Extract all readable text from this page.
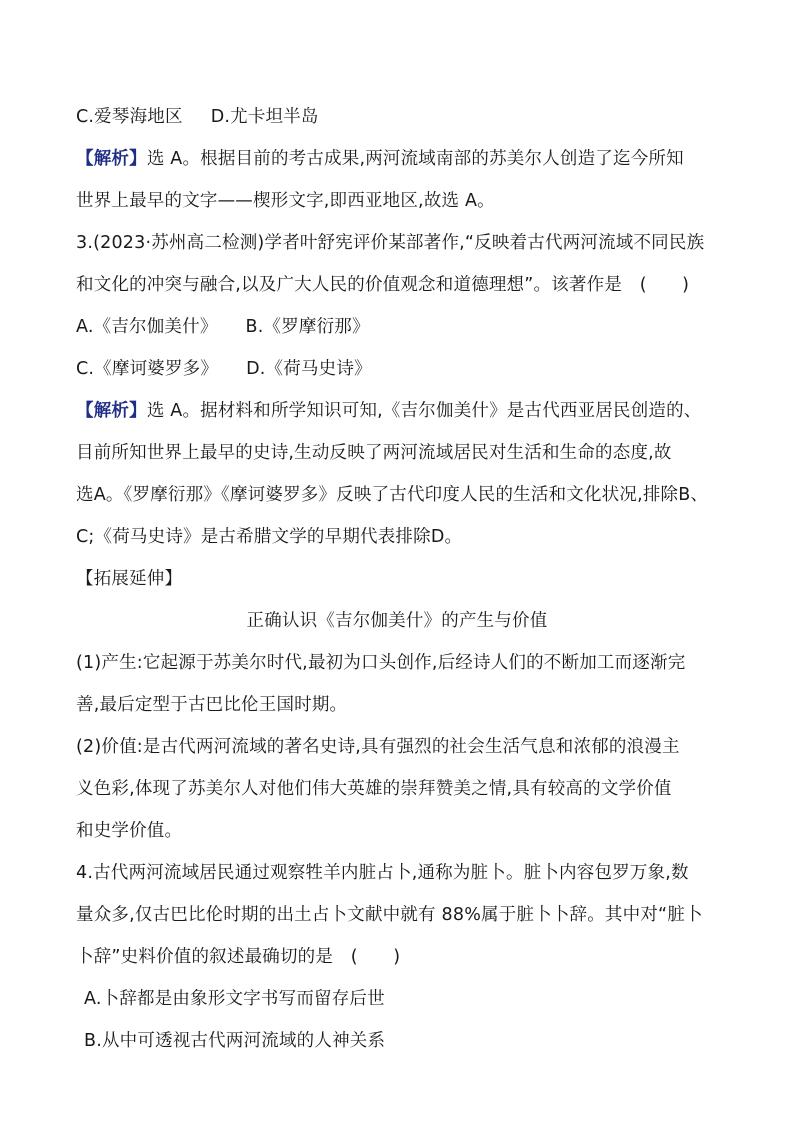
C.爱琴海地区 D.尤卡坦半岛
【解析】选 A。根据目前的考古成果,两河流域南部的苏美尔人创造了迄今所知
世界上最早的文字——楔形文字,即西亚地区,故选 A。
3.(2023·苏州高二检测)学者叶舒宪评价某部著作,“反映着古代两河流域不同民族
和文化的冲突与融合,以及广大人民的价值观念和道德理想”。该著作是　(　　)
A.《吉尔伽美什》 B.《罗摩衍那》
C.《摩诃婆罗多》 D.《荷马史诗》
【解析】选 A。据材料和所学知识可知,《吉尔伽美什》是古代西亚居民创造的、
目前所知世界上最早的史诗,生动反映了两河流域居民对生活和生命的态度,故
选A。《罗摩衍那》《摩诃婆罗多》反映了古代印度人民的生活和文化状况,排除B、
C;《荷马史诗》是古希腊文学的早期代表排除D。
【拓展延伸】
正确认识《吉尔伽美什》的产生与价值
(1)产生:它起源于苏美尔时代,最初为口头创作,后经诗人们的不断加工而逐渐完
善,最后定型于古巴比伦王国时期。
(2)价值:是古代两河流域的著名史诗,具有强烈的社会生活气息和浓郁的浪漫主
义色彩,体现了苏美尔人对他们伟大英雄的崇拜赞美之情,具有较高的文学价值
和史学价值。
4.古代两河流域居民通过观察牲羊内脏占卜,通称为脏卜。脏卜内容包罗万象,数
量众多,仅古巴比伦时期的出土占卜文献中就有 88%属于脏卜卜辞。其中对“脏卜
卜辞”史料价值的叙述最确切的是　(　　)
A.卜辞都是由象形文字书写而留存后世
B.从中可透视古代两河流域的人神关系
